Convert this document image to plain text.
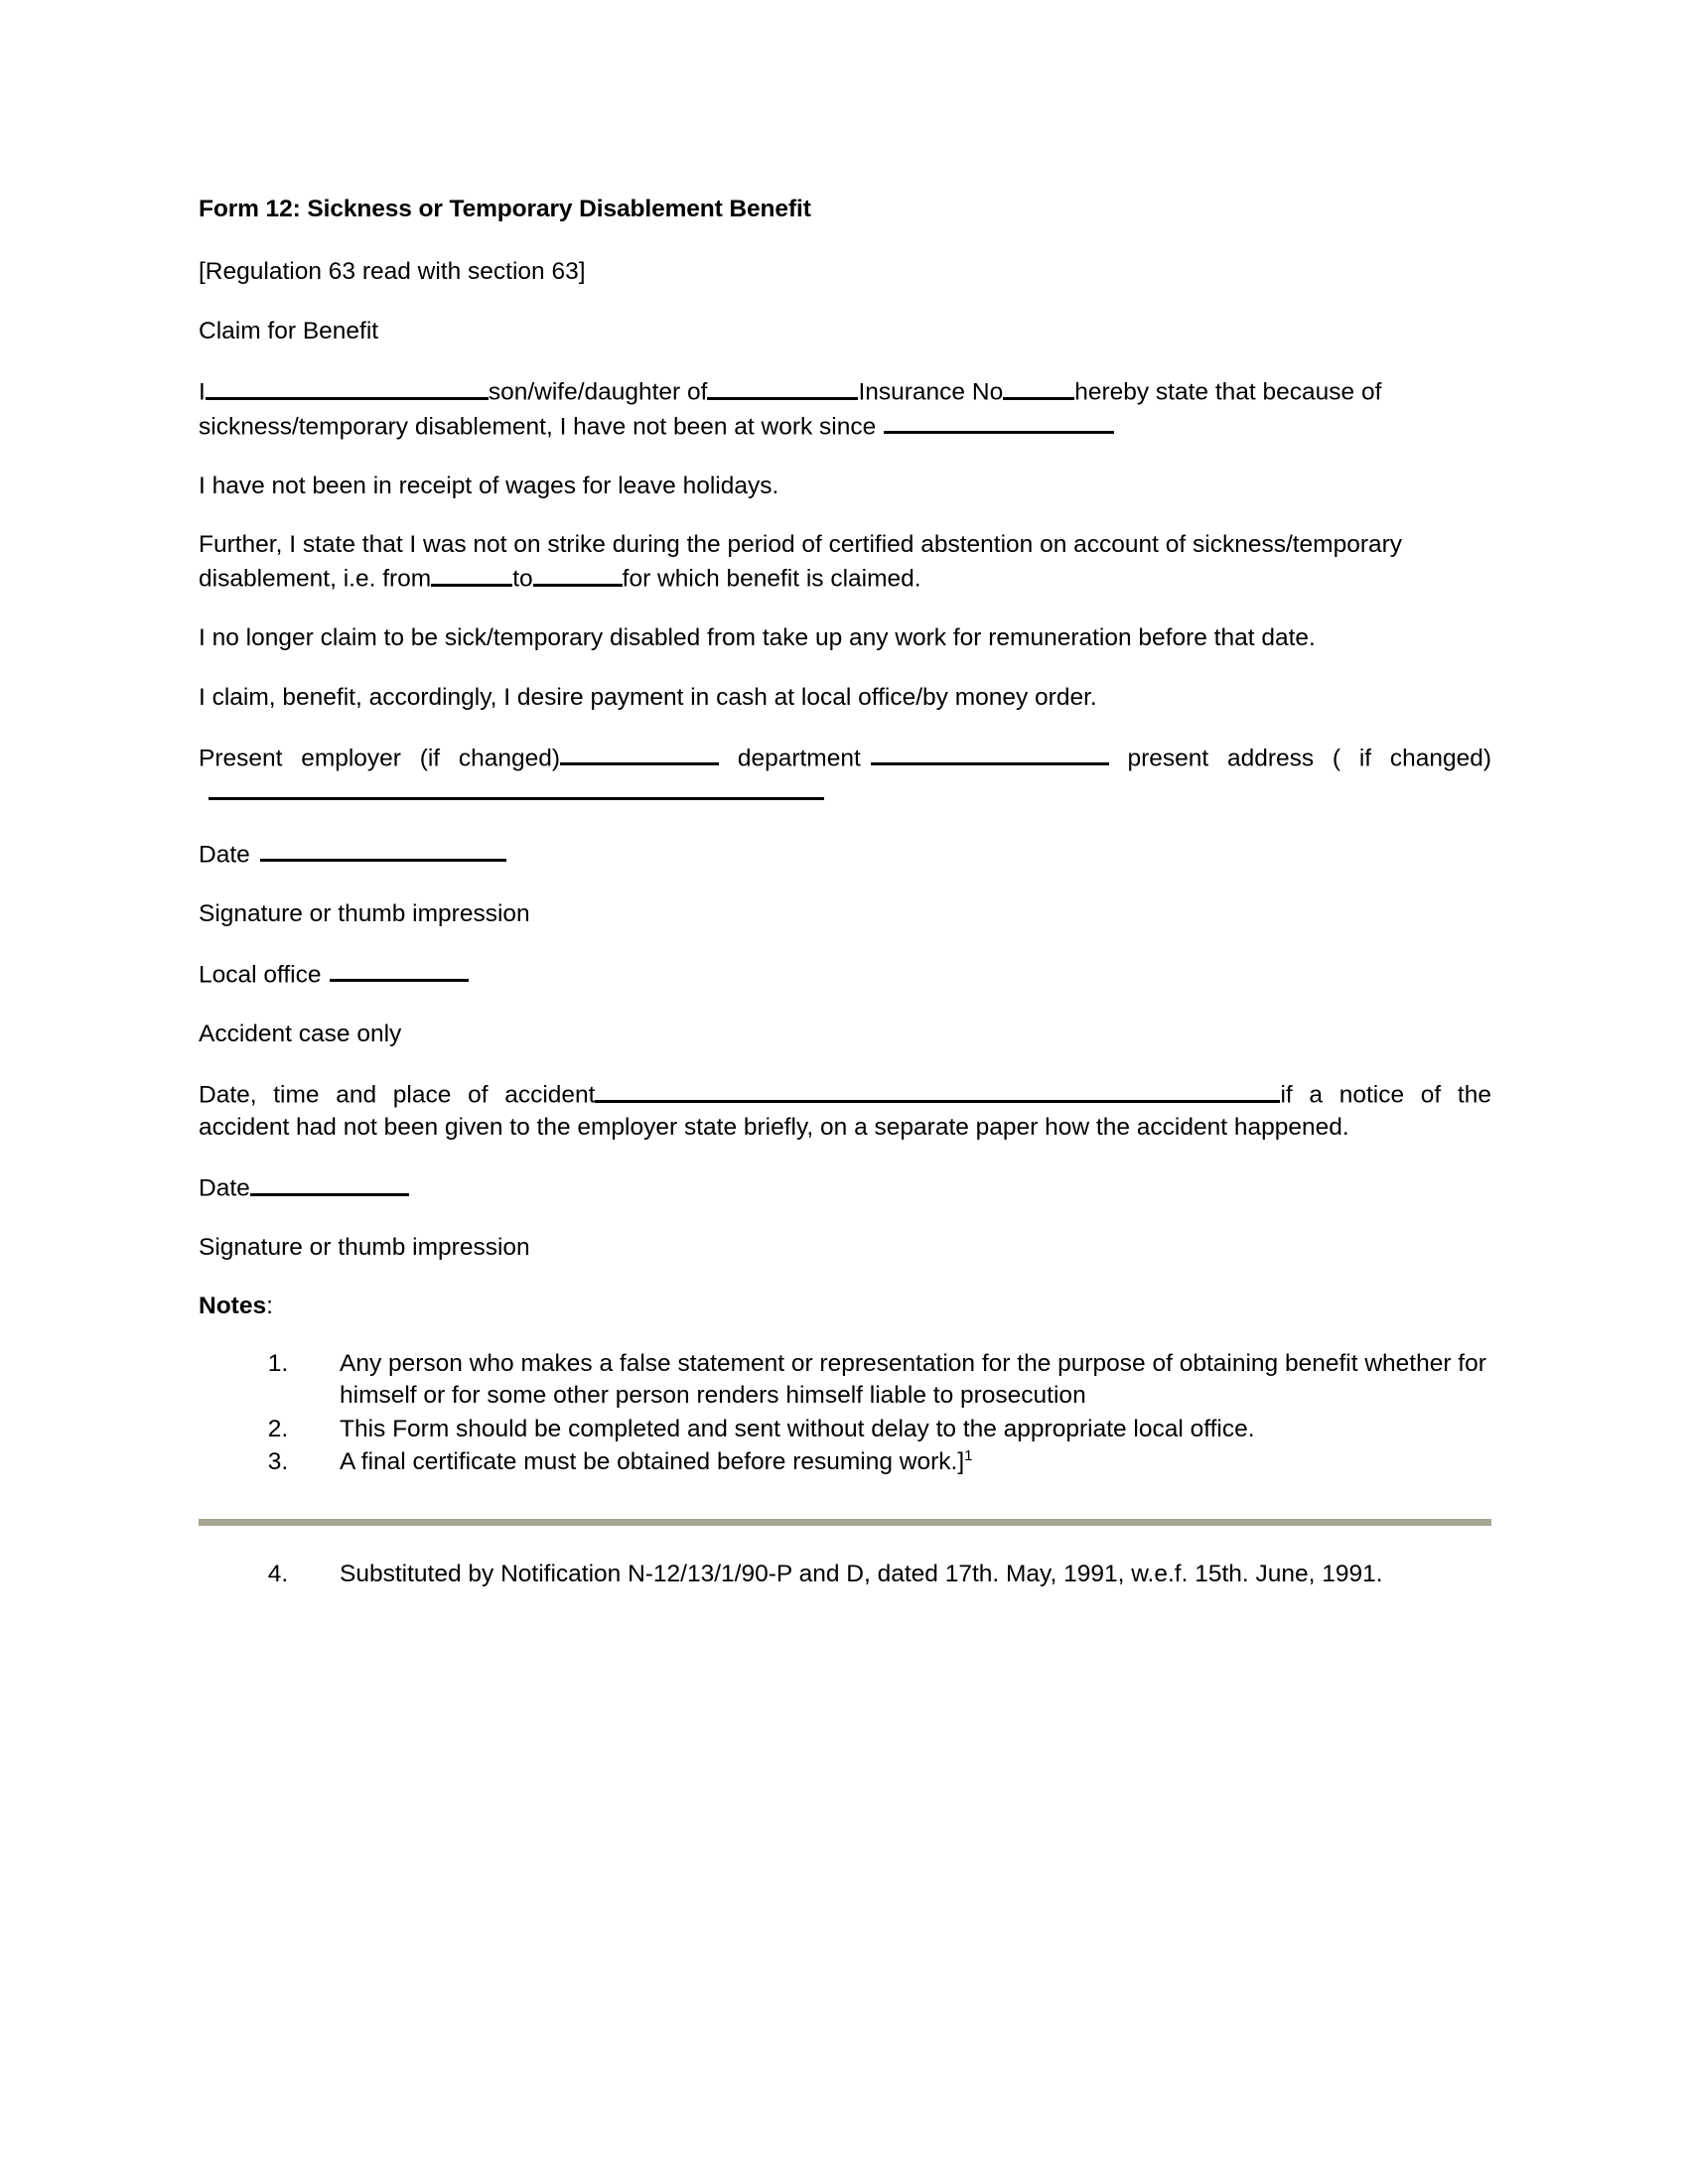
Form 12: Sickness or Temporary Disablement Benefit

[Regulation 63 read with section 63]

Claim for Benefit

I	son/wife/daughter of	Insurance No	hereby state that because of sickness/temporary disablement, I have not been at work since

I have not been in receipt of wages for leave holidays.

Further, I state that I was not on strike during the period of certified abstention on account of sickness/temporary disablement, i.e. from	to	for which benefit is claimed.

I no longer claim to be sick/temporary disabled from take up any work for remuneration before that date.

I claim, benefit, accordingly, I desire payment in cash at local office/by money order.

Present employer (if changed)	department	present address ( if changed)

Date

Signature or thumb impression

Local office

Accident case only

Date, time and place of accident	if a notice of the accident had not been given to the employer state briefly, on a separate paper how the accident happened.

Date

Signature or thumb impression

Notes:

1. Any person who makes a false statement or representation for the purpose of obtaining benefit whether for himself or for some other person renders himself liable to prosecution
2. This Form should be completed and sent without delay to the appropriate local office.
3. A final certificate must be obtained before resuming work.]$^1$
4. Substituted by Notification N-12/13/1/90-P and D, dated 17th. May, 1991, w.e.f. 15th. June, 1991.
